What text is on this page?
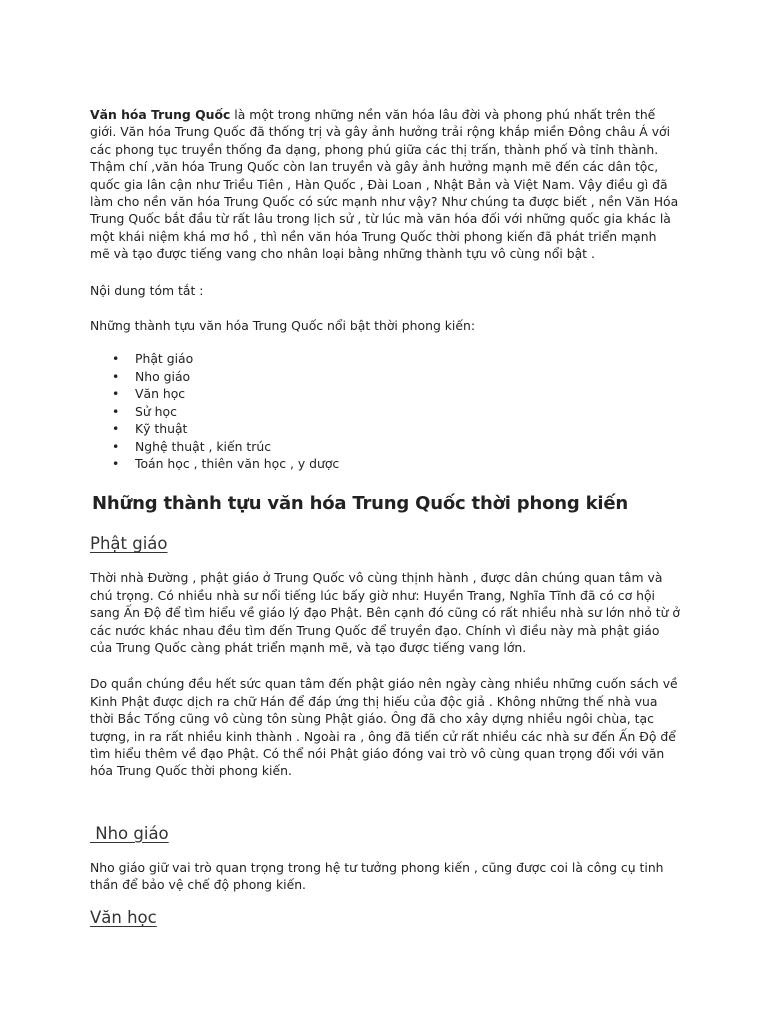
Văn hóa Trung Quốc là một trong những nền văn hóa lâu đời và phong phú nhất trên thế giới. Văn hóa Trung Quốc đã thống trị và gây ảnh hưởng trải rộng khắp miền Đông châu Á với các phong tục truyền thống đa dạng, phong phú giữa các thị trấn, thành phố và tỉnh thành. Thậm chí ,văn hóa Trung Quốc còn lan truyền và gây ảnh hưởng mạnh mẽ đến các dân tộc, quốc gia lân cận như Triều Tiên , Hàn Quốc , Đài Loan , Nhật Bản và Việt Nam. Vậy điều gì đã làm cho nền văn hóa Trung Quốc có sức mạnh như vậy? Như chúng ta được biết , nền Văn Hóa Trung Quốc bắt đầu từ rất lâu trong lịch sử , từ lúc mà văn hóa đối với những quốc gia khác là một khái niệm khá mơ hồ , thì nền văn hóa Trung Quốc thời phong kiến đã phát triển mạnh mẽ và tạo được tiếng vang cho nhân loại bằng những thành tựu vô cùng nổi bật .

Nội dung tóm tắt :

Những thành tựu văn hóa Trung Quốc nổi bật thời phong kiến:

• Phật giáo
• Nho giáo
• Văn học
• Sử học
• Kỹ thuật
• Nghệ thuật , kiến trúc
• Toán học , thiên văn học , y dược
Những thành tựu văn hóa Trung Quốc thời phong kiến
Phật giáo

Thời nhà Đường , phật giáo ở Trung Quốc vô cùng thịnh hành , được dân chúng quan tâm và chú trọng. Có nhiều nhà sư nổi tiếng lúc bấy giờ như: Huyền Trang, Nghĩa Tĩnh đã có cơ hội sang Ấn Độ để tìm hiểu về giáo lý đạo Phật. Bên cạnh đó cũng có rất nhiều nhà sư lớn nhỏ từ ở các nước khác nhau đều tìm đến Trung Quốc để truyền đạo. Chính vì điều này mà phật giáo của Trung Quốc càng phát triển mạnh mẽ, và tạo được tiếng vang lớn.

Do quần chúng đều hết sức quan tâm đến phật giáo nên ngày càng nhiều những cuốn sách về Kinh Phật được dịch ra chữ Hán để đáp ứng thị hiếu của độc giả . Không những thế nhà vua thời Bắc Tống cũng vô cùng tôn sùng Phật giáo. Ông đã cho xây dựng nhiều ngôi chùa, tạc tượng, in ra rất nhiều kinh thành . Ngoài ra , ông đã tiến cử rất nhiều các nhà sư đến Ấn Độ để tìm hiểu thêm về đạo Phật. Có thể nói Phật giáo đóng vai trò vô cùng quan trọng đối với văn hóa Trung Quốc thời phong kiến.

Nho giáo

Nho giáo giữ vai trò quan trọng trong hệ tư tưởng phong kiến , cũng được coi là công cụ tinh thần để bảo vệ chế độ phong kiến.

Văn học
